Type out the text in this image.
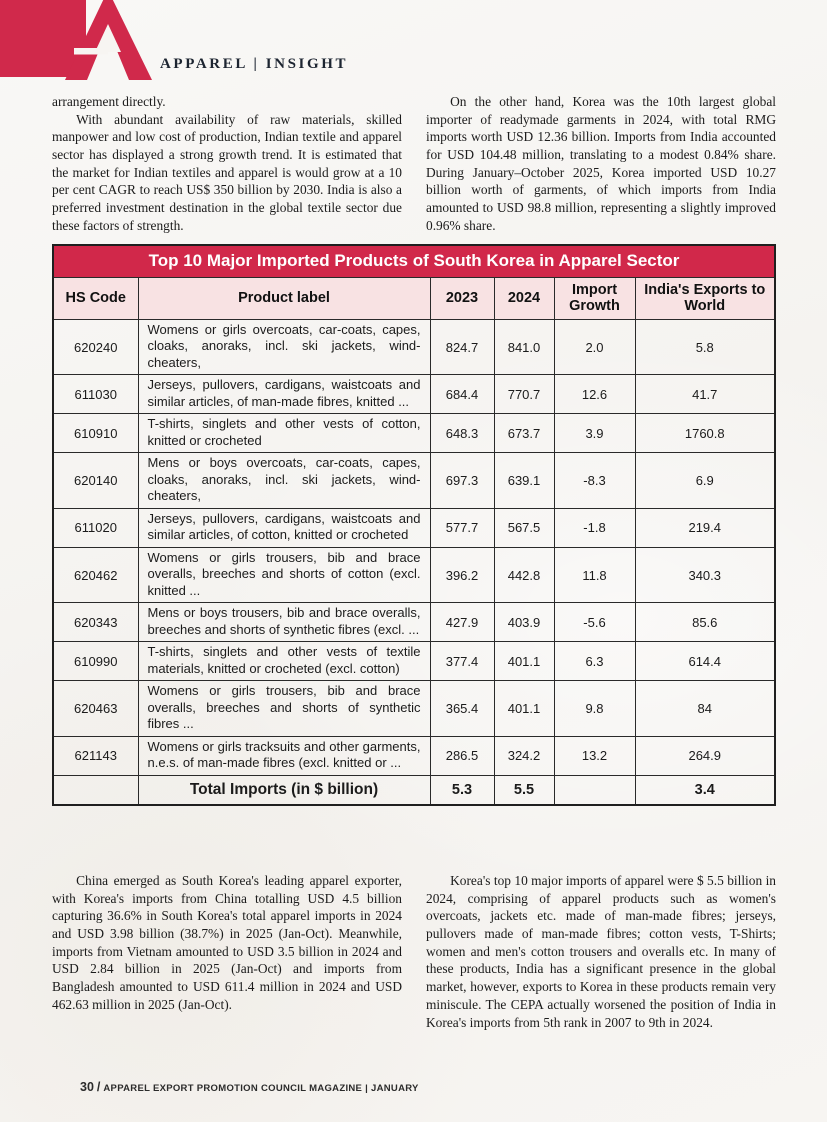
APPAREL | INSIGHT

arrangement directly.

With abundant availability of raw materials, skilled manpower and low cost of production, Indian textile and apparel sector has displayed a strong growth trend. It is estimated that the market for Indian textiles and apparel is would grow at a 10 per cent CAGR to reach US$ 350 billion by 2030. India is also a preferred investment destination in the global textile sector due these factors of strength.

On the other hand, Korea was the 10th largest global importer of readymade garments in 2024, with total RMG imports worth USD 12.36 billion. Imports from India accounted for USD 104.48 million, translating to a modest 0.84% share. During January–October 2025, Korea imported USD 10.27 billion worth of garments, of which imports from India amounted to USD 98.8 million, representing a slightly improved 0.96% share.

Top 10 Major Imported Products of South Korea in Apparel Sector					
HS Code	Product label	2023	2024	Import Growth	India's Exports to World
620240	Womens or girls overcoats, car-coats, capes, cloaks, anoraks, incl. ski jackets, wind-cheaters,	824.7	841.0	2.0	5.8
611030	Jerseys, pullovers, cardigans, waistcoats and similar articles, of man-made fibres, knitted ...	684.4	770.7	12.6	41.7
610910	T-shirts, singlets and other vests of cotton, knitted or crocheted	648.3	673.7	3.9	1760.8
620140	Mens or boys overcoats, car-coats, capes, cloaks, anoraks, incl. ski jackets, wind-cheaters,	697.3	639.1	-8.3	6.9
611020	Jerseys, pullovers, cardigans, waistcoats and similar articles, of cotton, knitted or crocheted	577.7	567.5	-1.8	219.4
620462	Womens or girls trousers, bib and brace overalls, breeches and shorts of cotton (excl. knitted ...	396.2	442.8	11.8	340.3
620343	Mens or boys trousers, bib and brace overalls, breeches and shorts of synthetic fibres (excl. ...	427.9	403.9	-5.6	85.6
610990	T-shirts, singlets and other vests of textile materials, knitted or crocheted (excl. cotton)	377.4	401.1	6.3	614.4
620463	Womens or girls trousers, bib and brace overalls, breeches and shorts of synthetic fibres ...	365.4	401.1	9.8	84
621143	Womens or girls tracksuits and other garments, n.e.s. of man-made fibres (excl. knitted or ...	286.5	324.2	13.2	264.9
	Total Imports (in $ billion)	5.3	5.5		3.4

China emerged as South Korea's leading apparel exporter, with Korea's imports from China totalling USD 4.5 billion capturing 36.6% in South Korea's total apparel imports in 2024 and USD 3.98 billion (38.7%) in 2025 (Jan-Oct). Meanwhile, imports from Vietnam amounted to USD 3.5 billion in 2024 and USD 2.84 billion in 2025 (Jan-Oct) and imports from Bangladesh amounted to USD 611.4 million in 2024 and USD 462.63 million in 2025 (Jan-Oct).

Korea's top 10 major imports of apparel were $ 5.5 billion in 2024, comprising of apparel products such as women's overcoats, jackets etc. made of man-made fibres; jerseys, pullovers made of man-made fibres; cotton vests, T-Shirts; women and men's cotton trousers and overalls etc. In many of these products, India has a significant presence in the global market, however, exports to Korea in these products remain very miniscule. The CEPA actually worsened the position of India in Korea's imports from 5th rank in 2007 to 9th in 2024.

30 / APPAREL EXPORT PROMOTION COUNCIL MAGAZINE | JANUARY
